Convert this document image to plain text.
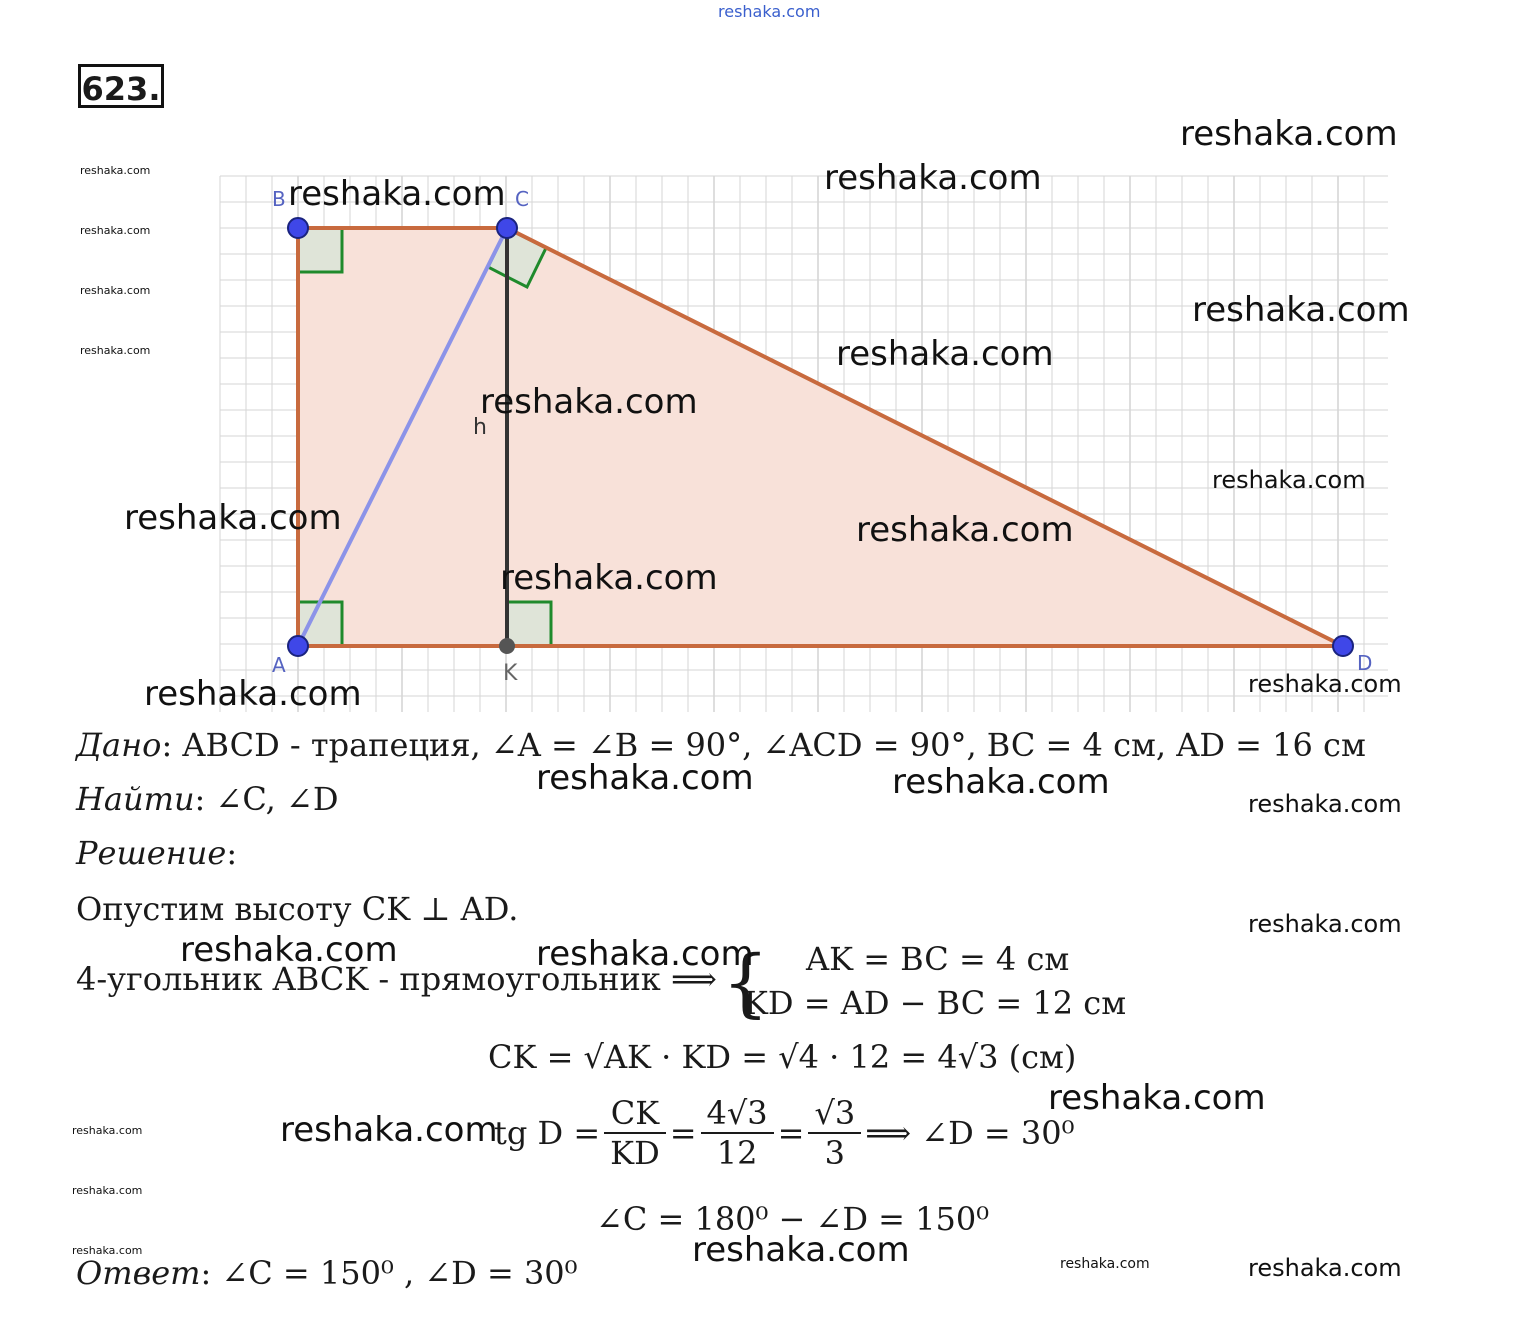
reshaka.com
623.
B	C
A	D
K
h
Дано: ABCD - трапеция, ∠A = ∠B = 90°, ∠ACD = 90°, BC = 4 см, AD = 16 см
Найти: ∠C, ∠D
Решение:
Опустим высоту CK ⊥ AD.
4-угольник ABCK - прямоугольник ⟹ { AK = BC = 4 см
KD = AD − BC = 12 см
CK = √AK · KD = √4 · 12 = 4√3 (см)
tg $D = \frac{CK}{KD} = \frac{4√3}{12} = \frac{√3}{3}$ ⟹ ∠D = 30⁰
∠C = 180⁰ − ∠D = 150⁰
Ответ: ∠C = 150⁰ , ∠D = 30⁰
reshaka.com
reshaka.com	reshaka.com
reshaka.com
reshaka.com
reshaka.com
reshaka.com	reshaka.com
reshaka.com
reshaka.com
reshaka.com	reshaka.com
reshaka.com	reshaka.com
reshaka.com
reshaka.com
reshaka.com
reshaka.com
reshaka.com
reshaka.com
reshaka.com
reshaka.com
reshaka.com
reshaka.com
reshaka.com
reshaka.com
reshaka.com
reshaka.com
reshaka.com
reshaka.com
